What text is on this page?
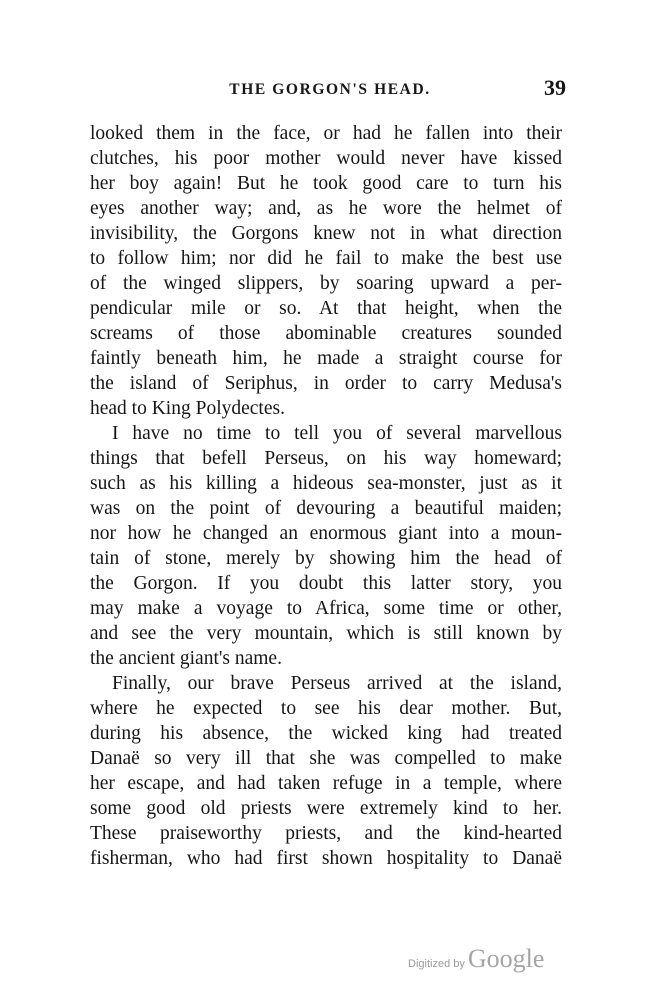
THE GORGON'S HEAD.	39
looked them in the face, or had he fallen into their
clutches, his poor mother would never have kissed
her boy again! But he took good care to turn his
eyes another way; and, as he wore the helmet of
invisibility, the Gorgons knew not in what direction
to follow him; nor did he fail to make the best use
of the winged slippers, by soaring upward a per-
pendicular mile or so. At that height, when the
screams of those abominable creatures sounded
faintly beneath him, he made a straight course for
the island of Seriphus, in order to carry Medusa's
head to King Polydectes.
I have no time to tell you of several marvellous
things that befell Perseus, on his way homeward;
such as his killing a hideous sea-monster, just as it
was on the point of devouring a beautiful maiden;
nor how he changed an enormous giant into a moun-
tain of stone, merely by showing him the head of
the Gorgon. If you doubt this latter story, you
may make a voyage to Africa, some time or other,
and see the very mountain, which is still known by
the ancient giant's name.
Finally, our brave Perseus arrived at the island,
where he expected to see his dear mother. But,
during his absence, the wicked king had treated
Danaë so very ill that she was compelled to make
her escape, and had taken refuge in a temple, where
some good old priests were extremely kind to her.
These praiseworthy priests, and the kind-hearted
fisherman, who had first shown hospitality to Danaë
Digitized by Google
